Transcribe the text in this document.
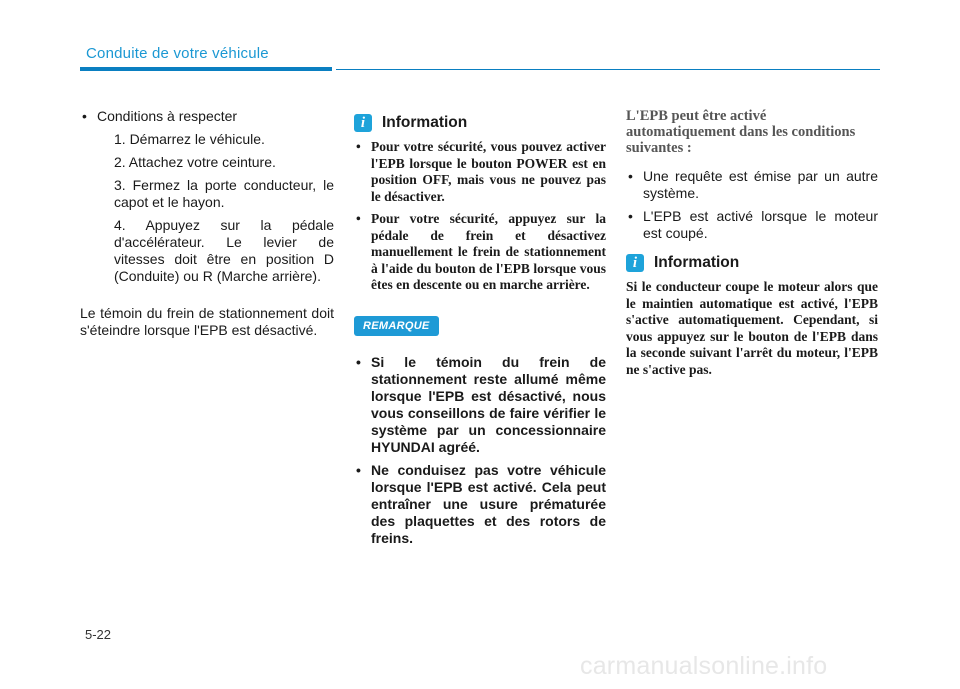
Conduite de votre véhicule
• Conditions à respecter
1. Démarrez le véhicule.
2. Attachez votre ceinture.
3. Fermez la porte conducteur, le capot et le hayon.
4. Appuyez sur la pédale d'accélérateur. Le levier de vitesses doit être en position D (Conduite) ou R (Marche arrière).

Le témoin du frein de stationnement doit s'éteindre lorsque l'EPB est désactivé.

i	Information
• Pour votre sécurité, vous pouvez activer l'EPB lorsque le bouton POWER est en position OFF, mais vous ne pouvez pas le désactiver.
• Pour votre sécurité, appuyez sur la pédale de frein et désactivez manuellement le frein de stationnement à l'aide du bouton de l'EPB lorsque vous êtes en descente ou en marche arrière.
REMARQUE
• Si le témoin du frein de stationnement reste allumé même lorsque l'EPB est désactivé, nous vous conseillons de faire vérifier le système par un concessionnaire HYUNDAI agréé.
• Ne conduisez pas votre véhicule lorsque l'EPB est activé. Cela peut entraîner une usure prématurée des plaquettes et des rotors de freins.
L'EPB peut être activé automatiquement dans les conditions suivantes :
• Une requête est émise par un autre système.
• L'EPB est activé lorsque le moteur est coupé.
i	Information

Si le conducteur coupe le moteur alors que le maintien automatique est activé, l'EPB s'active automatiquement. Cependant, si vous appuyez sur le bouton de l'EPB dans la seconde suivant l'arrêt du moteur, l'EPB ne s'active pas.

5-22
carmanualsonline.info
